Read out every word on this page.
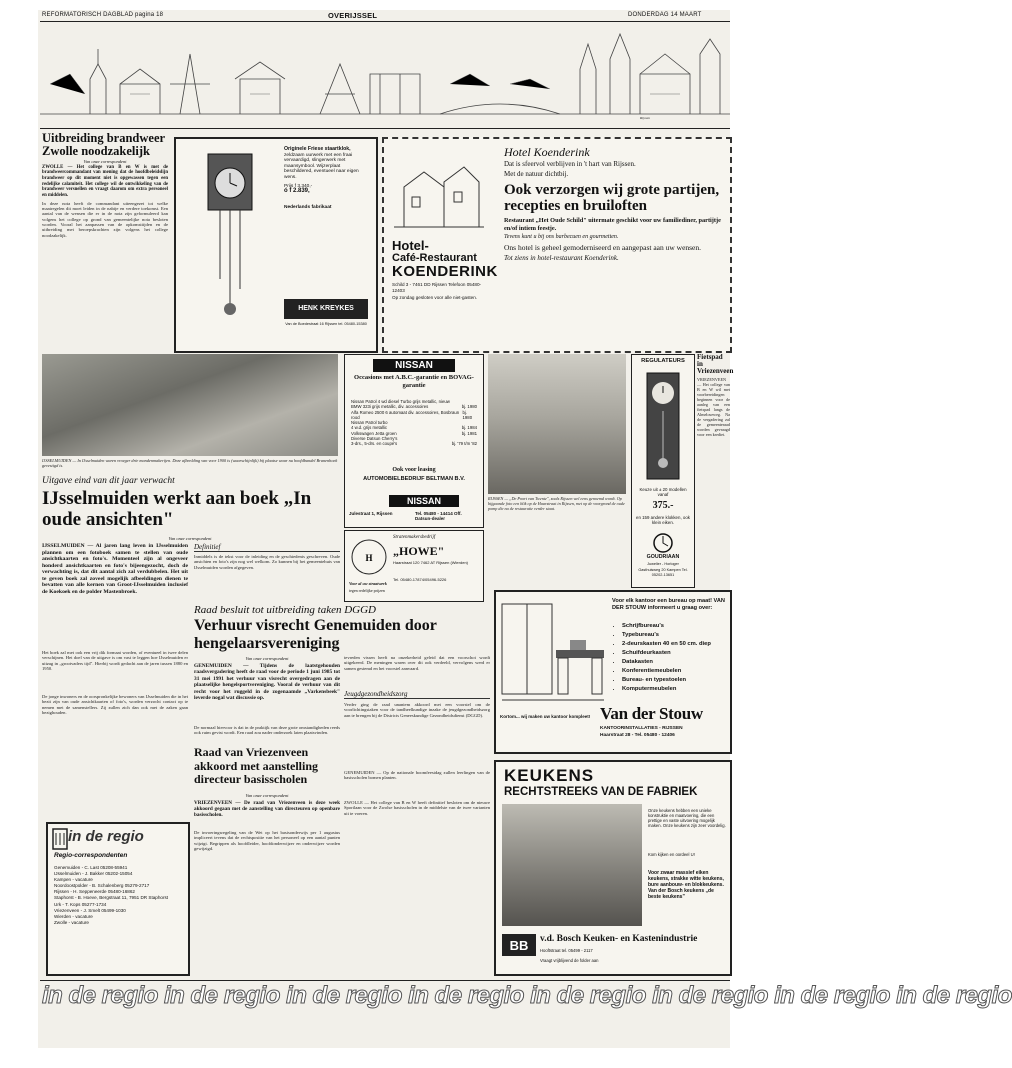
REFORMATORISCH DAGBLAD pagina 18	OVERIJSSEL	DONDERDAG 14 MAART
Rijssen
Uitbreiding brandweer Zwolle noodzakelijk
Van onze correspondent
ZWOLLE — Het college van B en W is met de brandweercommandant van mening dat de hoofdbeleidslijn brandweer op dit moment niet is opgewassen tegen een redelijke calamiteit. Het college wil de ontwikkeling van de brandweer versnellen en vraagt daarom om extra personeel en middelen.
In deze nota heeft de commandant uiteengezet tot welke maatregelen dit moet leiden in de nabije en verdere toekomst. Een aantal van de wensen die er in de nota zijn geformuleerd kan volgens het college op grond van gemeentelijke nota besloten worden. Vooral het aanpassen van de opkomsttijden en de uitbreiding met beroepskrachten zijn volgens het college noodzakelijk.
Originele Friese staartklok,
zeldzaam uurwerk met een fraai vervaardigd, slingerwerk met maansymbool. Wijzerplaat beschildered, eventueel naar eigen wens.
Prijs f 3.340,-
ó f 2.839,
Nederlands fabrikaat
HENK KREYKES
Van de Boedestraat 16 Rijssen tel. 05480-15380
Hotel-
Café-Restaurant
KOENDERINK
Schild 3 - 7461 DD Rijssen Telefoon 05480-12403
Op zondag gesloten voor alle niet-gasten.
Hotel Koenderink
Dat is sfeervol verblijven in 't hart van Rijssen.
Met de natuur dichtbij.
Ook verzorgen wij grote partijen, recepties en bruiloften
Restaurant „Het Oude Schild" uitermate geschikt voor uw familiediner, partijtje en/of intiem feestje.
Tevens kunt u bij ons barbecuen en gourmetten.
Ons hotel is geheel gemoderniseerd en aangepast aan uw wensen.
Tot ziens in hotel-restaurant Koenderink.
IJSSELMUIDEN — In IJsselmuiden waren vroeger drie mandenmakerijen. Deze afbeelding van voor 1900 is (waarschijnlijk) bij plaatse waar nu hoofdbandel Branenhoek gevestigd is.
NISSAN
Occasions met A.B.C.-garantie en BOVAG-garantie
Nissan Patrol 4 wd diesel Turbo grijs metallic, nieuw
BMW 323i grijs metallic, div. accessoires	bj. 1980
Alfa Romeo 2500 6 automaat div. accessoires, Bosbraun rood
bj. 1980
Nissan Patrol turbo
4 w.d. grijs metallic	bj. 1984
Volkswagen Jetta groen	bj. 1981
Diverse Datsun Cherry's
3-drs., 5-drs. en coupé's	bj. '79 t/m '82
Ook voor leasing
AUTOMOBIELBEDRIJF BELTMAN B.V.
NISSAN
Julestraat 1, Rijssen	Tel. 05480 - 14414 Off. Datsun-dealer
RIJSSEN — „De Poort van Twente", zoals Rijssen wel eens genoemd wordt. Op bijgaande foto een blik op de Haarstraat in Rijssen, met op de voorgrond de oude pomp die na de restauratie verder staat.
REGULATEURS
Keuze uit ± 20 modellen vanaf
375.-
en 159 andere klokken, ook klein eiken.
GOUDRIAAN
Juwelier - Horloger
Gasthuisweg 20 Kampen Tel. 05202-13651
Fietspad in Vriezenveen
VRIEZENVEEN — Het college van B en W wil met voorbereidingen beginnen voor de aanleg van een fietspad langs de Almeloseweg. Na de vergadering zal de gemeenteraad worden gevraagd voor een krediet.
Uitgave eind van dit jaar verwacht
IJsselmuiden werkt aan boek „In oude ansichten"
Van onze correspondent
IJSSELMUIDEN — Al jaren lang leven in IJsselmuiden plannen om een fotoboek samen te stellen van oude ansichtkaarten en foto's. Momenteel zijn al ongeveer honderd ansichtkaarten en foto's bijeengezocht, doch de verwachting is, dat dit aantal zich zal verdubbelen. Het uit te geven boek zal zoveel mogelijk afbeeldingen dienen te bevatten van alle kernen van Groot-IJsselmuiden inclusief de Koekoek en de polder Mastenbroek.
Het boek zal met ook een vrij dik formaat worden, of eventueel in twee delen verschijnen. Het doel van de uitgave is om vast te leggen hoe IJsselmuiden er uitzag in „grootvaders tijd". Hierbij wordt gedacht aan de jaren tussen 1880 en 1950.
De jonge inwoners en de oorspronkelijke bewoners van IJsselmuiden die in het bezit zijn van oude ansichtkaarten of foto's, worden verzocht contact op te nemen met de samenstellers. Zij zullen zich dan ook met de zaken gaan bezighouden.
Definitief
Inmiddels is de tekst voor de inleiding en de geschiedenis geschreven. Oude ansichten en foto's zijn nog wel welkom. Zo kunnen bij het gemeentehuis van IJsselmuiden worden afgegeven.
H
Stratenmakersbedrijf
„HOWE"
Haarstraat 120 7462 AT Rijssen (Wierden)
Tel. 05480-17874/05496-5226
Voor al uw straatwerk
tegen redelijke prijzen
Raad besluit tot uitbreiding taken DGGD
Verhuur visrecht Genemuiden door hengelaarsvereniging
Van onze correspondent
GENEMUIDEN — Tijdens de laatstgehouden raadsvergadering heeft de raad voor de periode 1 juni 1985 tot 31 mei 1991 het verhuur van visrecht overgedragen aan de plaatselijke hengelsportvereniging. Vooral de verhuur van dit recht voor het ruggeld in de zogenaamde „Varkensbeek" leverde nogal wat discussie op.
De normaal hiervoor is dat in de praktijk van deze grote omstandigheden reeds ook ruim gevist wordt. Een raad zou nader onderzoek laten plaatsvinden.
tevreden vissen heeft na onzekerheid geleid dat een voorschot wordt uitgekeerd. De meningen waren over dit ook verdeeld, vervolgens werd er samen gestemd en het voorstel aanvaard.
Jeugdgezondheidszorg
Verder ging de raad unaniem akkoord met een voorstel om de voorlichtingstaken voor de tandheelkundige inzake de jeugdgezondheidszorg aan te brengen bij de Districts Geneeskundige Gezondheidsdienst (DGGD).
Raad van Vriezenveen akkoord met aanstelling directeur basisscholen
Van onze correspondent
VRIEZENVEEN — De raad van Vriezenveen is deze week akkoord gegaan met de aanstelling van directeuren op openbare basisscholen.
De invoeringsregeling van de Wet op het basisonderwijs per 1 augustus impliceert tevens dat de rechtspositie van het personeel op een aantal punten wijzigt. Begrippen als hoofdleider, hoofdonderwijzer en onderwijzer worden gewijzigd.
GENEMUIDEN — Op de nationale boomfeestdag zullen leerlingen van de basisscholen bomen planten.
ZWOLLE — Het college van B en W heeft definitief besloten om de nieuwe Sportlaan voor de Zwolse basisscholen in de middelste van de twee varianten uit te voeren.
in de regio
Regio-correspondenten
Genemuiden - C. Last 05208-55941
IJsselmuiden - J. Bakker 05202-15054
Kampen - vacature
Noordoostpolder - B. Schalenberg 05279-2717
Rijssen - H. Seppeneerde 05480-16862
Staphorst - B. Hoeve, Bergstraat 11, 7951 DR Staphorst
Urk - T. Kops 05277-1734
Vriezenveen - J. Smelt 05499-1030
Wierden - vacature
Zwolle - vacature
Voor elk kantoor een bureau op maat! VAN DER STOUW informeert u graag over:
• Schrijfbureau's
• Typebureau's
• 2-deurskasten 40 en 50 cm. diep
• Schuifdeurkasten
• Datakasten
• Konferentiemeubelen
• Bureau- en typestoelen
• Komputermeubelen
Kortom... wij maken uw kantoor kompleet! Van der Stouw
KANTOORINSTALLATIES - RIJSSEN
Haarstraat 28 - Tel. 05480 - 12406
KEUKENS
RECHTSTREEKS VAN DE FABRIEK
Onze keukens hebben een unieke konstruktie en maatvoering, die een prettige en vaste uitvoering mogelijk maken. Onze keukens zijn zeer voordelig.
Kom kijken en oordeel U!
Voor zwaar massief eiken keukens, strakke witte keukens, bure aanbouw- en blokkeukens. Van der Bosch keukens „de beste keukens"
BB v.d. Bosch Keuken- en Kastenindustrie
Hooftstraat tel. 05499 - 2117
Vraagt vrijblijvend de folder aan
in de regio in de regio in de regio in de regio in de regio in de regio in de regio in de regio
